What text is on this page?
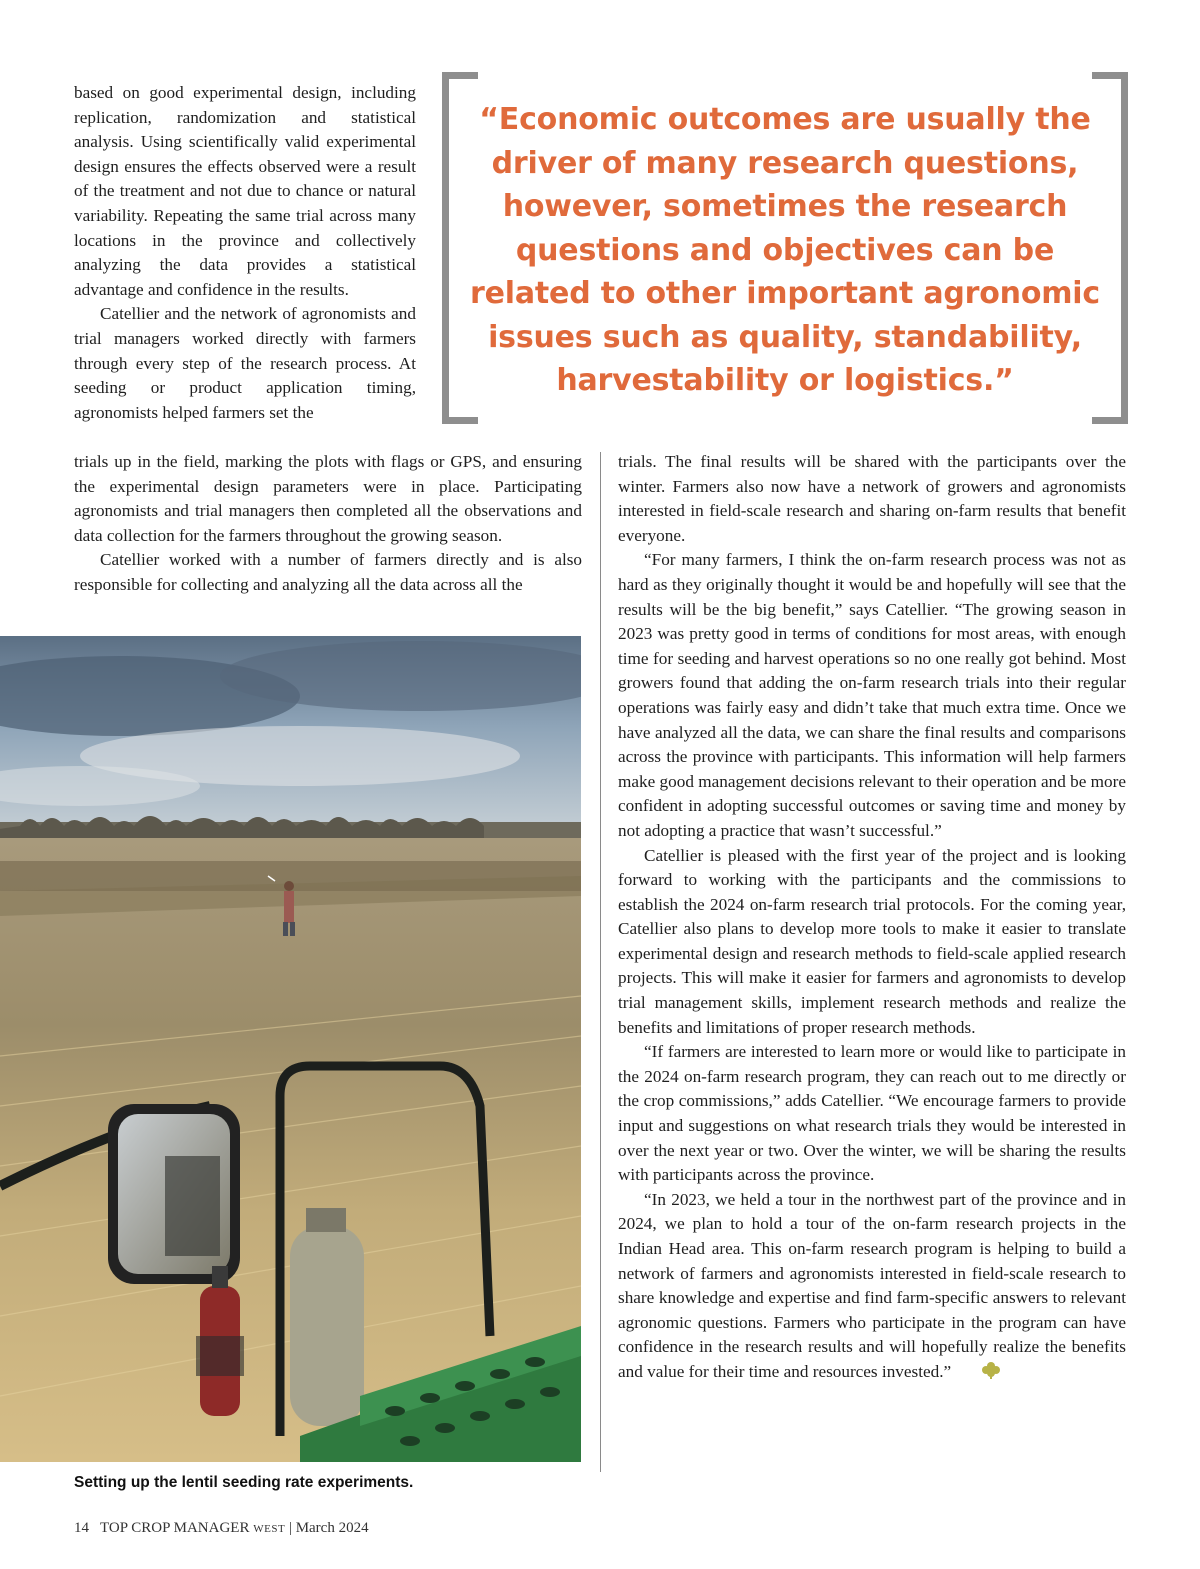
based on good experimental design, including replication, randomization and statistical analysis. Using scientifically valid experimental design ensures the effects observed were a result of the treatment and not due to chance or natural variability. Repeating the same trial across many locations in the province and collectively analyzing the data provides a statistical advantage and confidence in the results.

Catellier and the network of agronomists and trial managers worked directly with farmers through every step of the research process. At seeding or product application timing, agronomists helped farmers set the

“Economic outcomes are usually the driver of many research questions, however, sometimes the research questions and objectives can be related to other important agronomic issues such as quality, standability, harvestability or logistics.”

trials up in the field, marking the plots with flags or GPS, and ensuring the experimental design parameters were in place. Participating agronomists and trial managers then completed all the observations and data collection for the farmers throughout the growing season.

Catellier worked with a number of farmers directly and is also responsible for collecting and analyzing all the data across all the

trials. The final results will be shared with the participants over the winter. Farmers also now have a network of growers and agronomists interested in field-scale research and sharing on-farm results that benefit everyone.

“For many farmers, I think the on-farm research process was not as hard as they originally thought it would be and hopefully will see that the results will be the big benefit,” says Catellier. “The growing season in 2023 was pretty good in terms of conditions for most areas, with enough time for seeding and harvest operations so no one really got behind. Most growers found that adding the on-farm research trials into their regular operations was fairly easy and didn’t take that much extra time. Once we have analyzed all the data, we can share the final results and comparisons across the province with participants. This information will help farmers make good management decisions relevant to their operation and be more confident in adopting successful outcomes or saving time and money by not adopting a practice that wasn’t successful.”

Catellier is pleased with the first year of the project and is looking forward to working with the participants and the commissions to establish the 2024 on-farm research trial protocols. For the coming year, Catellier also plans to develop more tools to make it easier to translate experimental design and research methods to field-scale applied research projects. This will make it easier for farmers and agronomists to develop trial management skills, implement research methods and realize the benefits and limitations of proper research methods.

“If farmers are interested to learn more or would like to participate in the 2024 on-farm research program, they can reach out to me directly or the crop commissions,” adds Catellier. “We encourage farmers to provide input and suggestions on what research trials they would be interested in over the next year or two. Over the winter, we will be sharing the results with participants across the province.

“In 2023, we held a tour in the northwest part of the province and in 2024, we plan to hold a tour of the on-farm research projects in the Indian Head area. This on-farm research program is helping to build a network of farmers and agronomists interested in field-scale research to share knowledge and expertise and find farm-specific answers to relevant agronomic questions. Farmers who participate in the program can have confidence in the research results and will hopefully realize the benefits and value for their time and resources invested.”

Setting up the lentil seeding rate experiments.
14 TOP CROP MANAGER WEST | March 2024
